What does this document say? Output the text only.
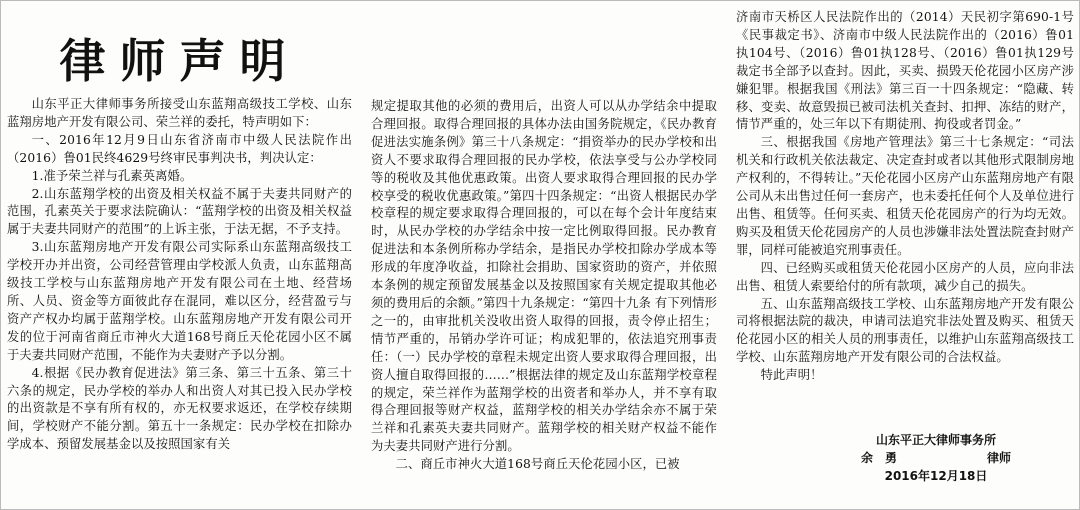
律师声明

山东平正大律师事务所接受山东蓝翔高级技工学校、山东蓝翔房地产开发有限公司、荣兰祥的委托，特声明如下：

一、2016年12月9日山东省济南市中级人民法院作出（2016）鲁01民终4629号终审民事判决书，判决认定：

1.准予荣兰祥与孔素英离婚。

2.山东蓝翔学校的出资及相关权益不属于夫妻共同财产的范围，孔素英关于要求法院确认：“蓝翔学校的出资及相关权益属于夫妻共同财产的范围”的上诉主张，于法无据，不予支持。

3.山东蓝翔房地产开发有限公司实际系山东蓝翔高级技工学校开办并出资，公司经营管理由学校派人负责，山东蓝翔高级技工学校与山东蓝翔房地产开发有限公司在土地、经营场所、人员、资金等方面彼此存在混同，难以区分，经营盈亏与资产产权办均属于蓝翔学校。山东蓝翔房地产开发有限公司开发的位于河南省商丘市神火大道168号商丘天伦花园小区不属于夫妻共同财产范围，不能作为夫妻财产予以分割。

4.根据《民办教育促进法》第三条、第三十五条、第三十六条的规定，民办学校的举办人和出资人对其已投入民办学校的出资款是不享有所有权的，亦无权要求返还，在学校存续期间，学校财产不能分割。第五十一条规定：民办学校在扣除办学成本、预留发展基金以及按照国家有关

规定提取其他的必须的费用后，出资人可以从办学结余中提取合理回报。取得合理回报的具体办法由国务院规定，《民办教育促进法实施条例》第三十八条规定：“捐资举办的民办学校和出资人不要求取得合理回报的民办学校，依法享受与公办学校同等的税收及其他优惠政策。出资人要求取得合理回报的民办学校享受的税收优惠政策。”第四十四条规定：“出资人根据民办学校章程的规定要求取得合理回报的，可以在每个会计年度结束时，从民办学校的办学结余中按一定比例取得回报。民办教育促进法和本条例所称办学结余，是指民办学校扣除办学成本等形成的年度净收益，扣除社会捐助、国家资助的资产，并依照本条例的规定预留发展基金以及按照国家有关规定提取其他必须的费用后的余额。”第四十九条规定：“第四十九条 有下列情形之一的，由审批机关没收出资人取得的回报，责令停止招生；情节严重的，吊销办学许可证；构成犯罪的，依法追究刑事责任：（一）民办学校的章程未规定出资人要求取得合理回报，出资人擅自取得回报的……”根据法律的规定及山东蓝翔学校章程的规定，荣兰祥作为蓝翔学校的出资者和举办人，并不享有取得合理回报等财产权益，蓝翔学校的相关办学结余亦不属于荣兰祥和孔素英夫妻共同财产。蓝翔学校的相关财产权益不能作为夫妻共同财产进行分割。

二、商丘市神火大道168号商丘天伦花园小区，已被

济南市天桥区人民法院作出的（2014）天民初字第690-1号《民事裁定书》、济南市中级人民法院作出的（2016）鲁01执104号、（2016）鲁01执128号、（2016）鲁01执129号裁定书全部予以查封。因此，买卖、损毁天伦花园小区房产涉嫌犯罪。根据我国《刑法》第三百一十四条规定：“隐藏、转移、变卖、故意毁损已被司法机关查封、扣押、冻结的财产，情节严重的，处三年以下有期徒刑、拘役或者罚金。”

三、根据我国《房地产管理法》第三十七条规定：“司法机关和行政机关依法裁定、决定查封或者以其他形式限制房地产权利的，不得转让。”天伦花园小区房产山东蓝翔房地产有限公司从未出售过任何一套房产，也未委托任何个人及单位进行出售、租赁等。任何买卖、租赁天伦花园房产的行为均无效。购买及租赁天伦花园房产的人员也涉嫌非法处置法院查封财产罪，同样可能被追究刑事责任。

四、已经购买或租赁天伦花园小区房产的人员，应向非法出售、租赁人索要给付的所有款项，减少自己的损失。

五、山东蓝翔高级技工学校、山东蓝翔房地产开发有限公司将根据法院的裁决，申请司法追究非法处置及购买、租赁天伦花园小区的相关人员的刑事责任，以维护山东蓝翔高级技工学校、山东蓝翔房地产开发有限公司的合法权益。

特此声明！

山东平正大律师事务所
余　勇	律师
2016年12月18日
